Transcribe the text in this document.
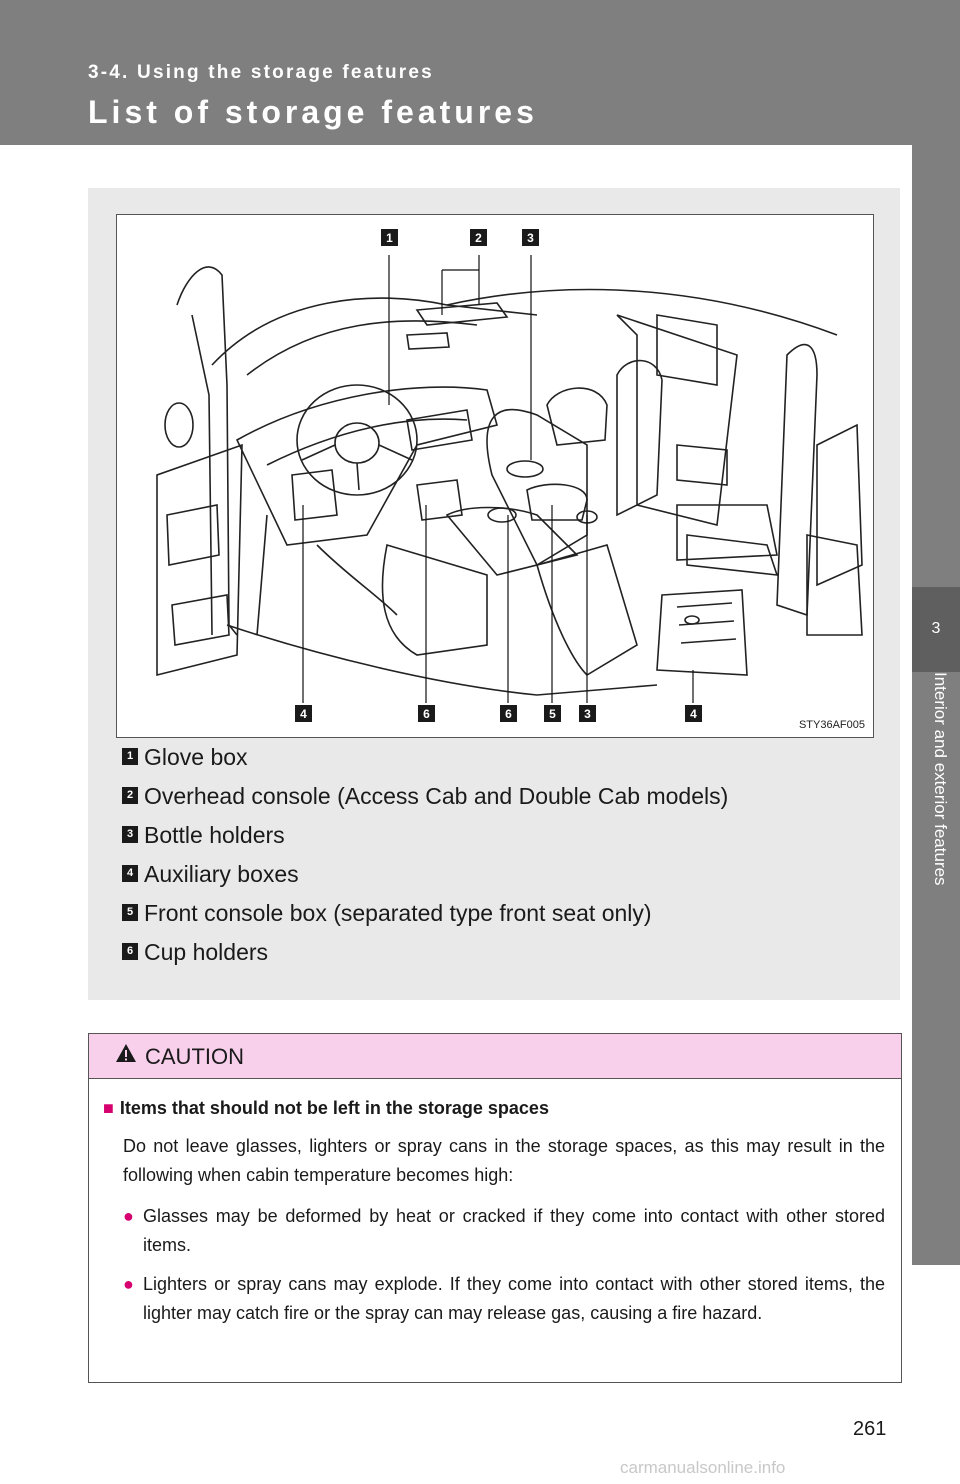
3-4. Using the storage features
List of storage features
3
Interior and exterior features
1	2	3
4	6	6	5 3	4
STY36AF005
1 Glove box
2 Overhead console (Access Cab and Double Cab models)
3 Bottle holders
4 Auxiliary boxes
5 Front console box (separated type front seat only)
6 Cup holders
CAUTION
■ Items that should not be left in the storage spaces
Do not leave glasses, lighters or spray cans in the storage spaces, as this may result in the following when cabin temperature becomes high:
● Glasses may be deformed by heat or cracked if they come into contact with other stored items.
● Lighters or spray cans may explode. If they come into contact with other stored items, the lighter may catch fire or the spray can may release gas, causing a fire hazard.
261
carmanualsonline.info
